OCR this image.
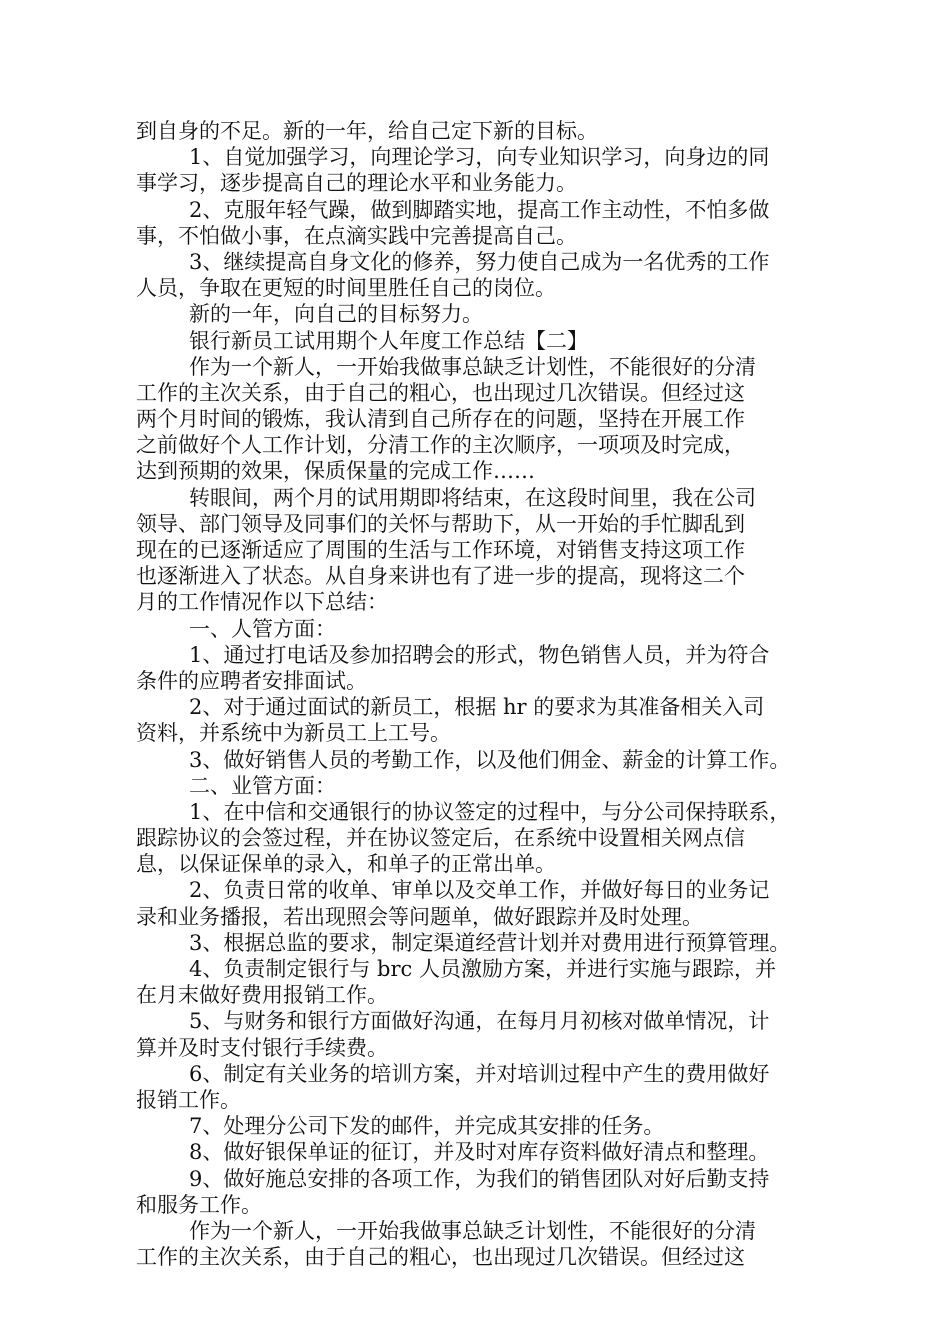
到自身的不足。新的一年，给自己定下新的目标。
1、自觉加强学习，向理论学习，向专业知识学习，向身边的同
事学习，逐步提高自己的理论水平和业务能力。
2、克服年轻气躁，做到脚踏实地，提高工作主动性，不怕多做
事，不怕做小事，在点滴实践中完善提高自己。
3、继续提高自身文化的修养，努力使自己成为一名优秀的工作
人员，争取在更短的时间里胜任自己的岗位。
新的一年，向自己的目标努力。
银行新员工试用期个人年度工作总结【二】
作为一个新人，一开始我做事总缺乏计划性，不能很好的分清
工作的主次关系，由于自己的粗心，也出现过几次错误。但经过这
两个月时间的锻炼，我认清到自己所存在的问题，坚持在开展工作
之前做好个人工作计划，分清工作的主次顺序，一项项及时完成，
达到预期的效果，保质保量的完成工作……
转眼间，两个月的试用期即将结束，在这段时间里，我在公司
领导、部门领导及同事们的关怀与帮助下，从一开始的手忙脚乱到
现在的已逐渐适应了周围的生活与工作环境，对销售支持这项工作
也逐渐进入了状态。从自身来讲也有了进一步的提高，现将这二个
月的工作情况作以下总结：
一、人管方面：
1、通过打电话及参加招聘会的形式，物色销售人员，并为符合
条件的应聘者安排面试。
2、对于通过面试的新员工，根据 hr 的要求为其准备相关入司
资料，并系统中为新员工上工号。
3、做好销售人员的考勤工作，以及他们佣金、薪金的计算工作。
二、业管方面：
1、在中信和交通银行的协议签定的过程中，与分公司保持联系，
跟踪协议的会签过程，并在协议签定后，在系统中设置相关网点信
息，以保证保单的录入，和单子的正常出单。
2、负责日常的收单、审单以及交单工作，并做好每日的业务记
录和业务播报，若出现照会等问题单，做好跟踪并及时处理。
3、根据总监的要求，制定渠道经营计划并对费用进行预算管理。
4、负责制定银行与 brc 人员激励方案，并进行实施与跟踪，并
在月末做好费用报销工作。
5、与财务和银行方面做好沟通，在每月月初核对做单情况，计
算并及时支付银行手续费。
6、制定有关业务的培训方案，并对培训过程中产生的费用做好
报销工作。
7、处理分公司下发的邮件，并完成其安排的任务。
8、做好银保单证的征订，并及时对库存资料做好清点和整理。
9、做好施总安排的各项工作，为我们的销售团队对好后勤支持
和服务工作。
作为一个新人，一开始我做事总缺乏计划性，不能很好的分清
工作的主次关系，由于自己的粗心，也出现过几次错误。但经过这
